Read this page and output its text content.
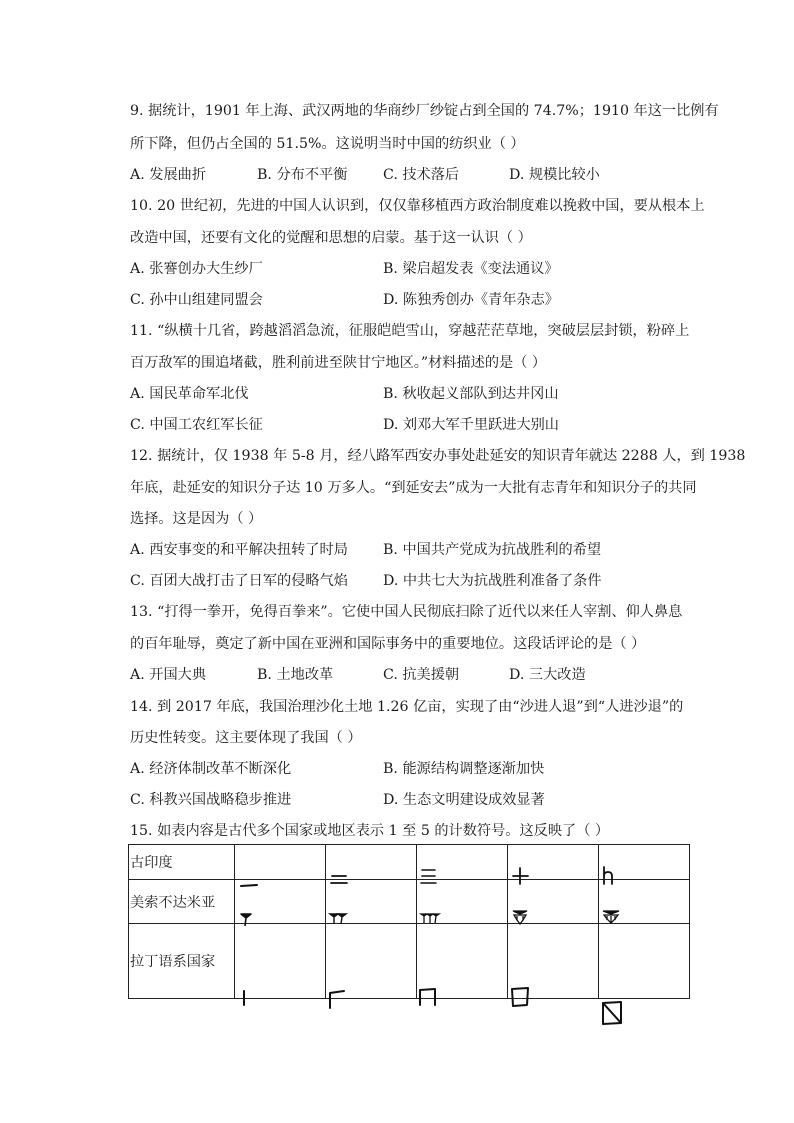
9. 据统计，1901 年上海、武汉两地的华商纱厂纱锭占到全国的 74.7%；1910 年这一比例有
所下降，但仍占全国的 51.5%。这说明当时中国的纺织业（ ）
A. 发展曲折	B. 分布不平衡	C. 技术落后	D. 规模比较小
10. 20 世纪初，先进的中国人认识到，仅仅靠移植西方政治制度难以挽救中国，要从根本上
改造中国，还要有文化的觉醒和思想的启蒙。基于这一认识（ ）
A. 张謇创办大生纱厂	B. 梁启超发表《变法通议》
C. 孙中山组建同盟会	D. 陈独秀创办《青年杂志》
11. “纵横十几省，跨越滔滔急流，征服皑皑雪山，穿越茫茫草地，突破层层封锁，粉碎上
百万敌军的围追堵截，胜利前进至陕甘宁地区。”材料描述的是（ ）
A. 国民革命军北伐	B. 秋收起义部队到达井冈山
C. 中国工农红军长征	D. 刘邓大军千里跃进大别山
12. 据统计，仅 1938 年 5-8 月，经八路军西安办事处赴延安的知识青年就达 2288 人，到 1938
年底，赴延安的知识分子达 10 万多人。“到延安去”成为一大批有志青年和知识分子的共同
选择。这是因为（ ）
A. 西安事变的和平解决扭转了时局 B. 中国共产党成为抗战胜利的希望
C. 百团大战打击了日军的侵略气焰 D. 中共七大为抗战胜利准备了条件
13. “打得一拳开，免得百拳来”。它使中国人民彻底扫除了近代以来任人宰割、仰人鼻息
的百年耻辱，奠定了新中国在亚洲和国际事务中的重要地位。这段话评论的是（ ）
A. 开国大典	B. 土地改革	C. 抗美援朝	D. 三大改造
14. 到 2017 年底，我国治理沙化土地 1.26 亿亩，实现了由“沙进人退”到“人进沙退”的
历史性转变。这主要体现了我国（ ）
A. 经济体制改革不断深化	B. 能源结构调整逐渐加快
C. 科教兴国战略稳步推进	D. 生态文明建设成效显著
15. 如表内容是古代多个国家或地区表示 1 至 5 的计数符号。这反映了（ ）
古印度	

美索不达米亚	

拉丁语系国家	
